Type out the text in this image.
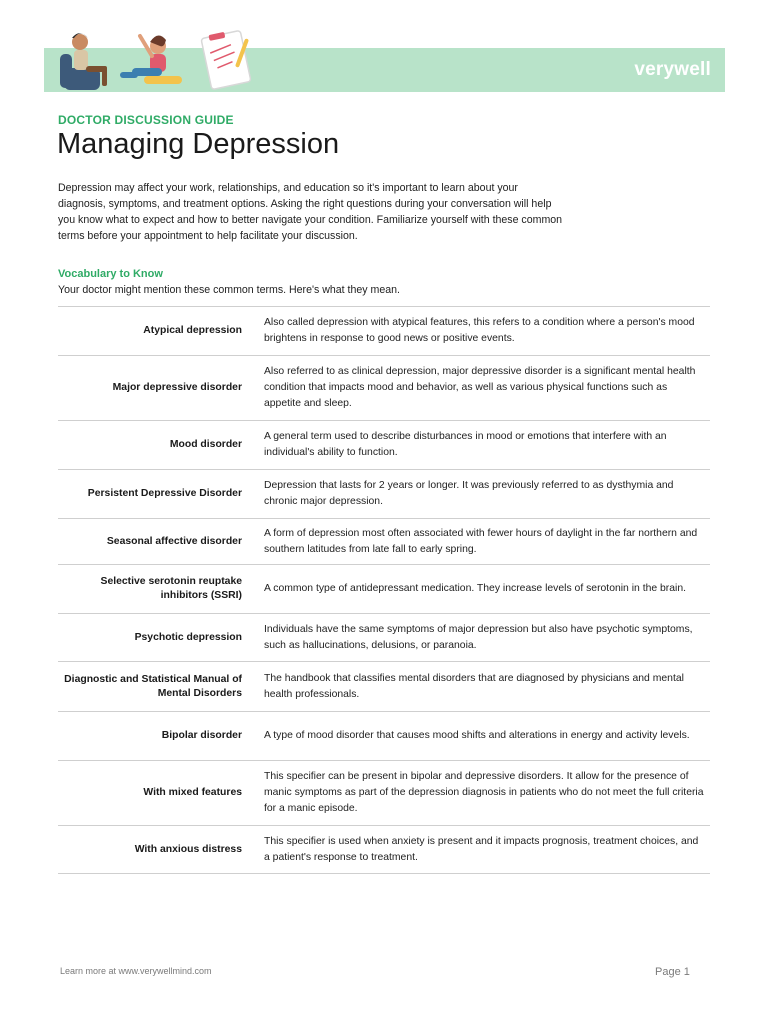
verywell
DOCTOR DISCUSSION GUIDE
Managing Depression

Depression may affect your work, relationships, and education so it's important to learn about your diagnosis, symptoms, and treatment options. Asking the right questions during your conversation will help you know what to expect and how to better navigate your condition. Familiarize yourself with these common terms before your appointment to help facilitate your discussion.

Vocabulary to Know
Your doctor might mention these common terms. Here's what they mean.
Atypical depression
Also called depression with atypical features, this refers to a condition where a person's mood brightens in response to good news or positive events.
Major depressive disorder
Also referred to as clinical depression, major depressive disorder is a significant mental health condition that impacts mood and behavior, as well as various physical functions such as appetite and sleep.
Mood disorder
A general term used to describe disturbances in mood or emotions that interfere with an individual's ability to function.
Persistent Depressive Disorder
Depression that lasts for 2 years or longer. It was previously referred to as dysthymia and chronic major depression.
Seasonal affective disorder
A form of depression most often associated with fewer hours of daylight in the far northern and southern latitudes from late fall to early spring.
Selective serotonin reuptake inhibitors (SSRI)
A common type of antidepressant medication. They increase levels of serotonin in the brain.
Psychotic depression
Individuals have the same symptoms of major depression but also have psychotic symptoms, such as hallucinations, delusions, or paranoia.
Diagnostic and Statistical Manual of Mental Disorders
The handbook that classifies mental disorders that are diagnosed by physicians and mental health professionals.
Bipolar disorder A type of mood disorder that causes mood shifts and alterations in energy and activity levels.
With mixed features
This specifier can be present in bipolar and depressive disorders. It allow for the presence of manic symptoms as part of the depression diagnosis in patients who do not meet the full criteria for a manic episode.
With anxious distress
This specifier is used when anxiety is present and it impacts prognosis, treatment choices, and a patient's response to treatment.
Learn more at www.verywellmind.com	Page 1
